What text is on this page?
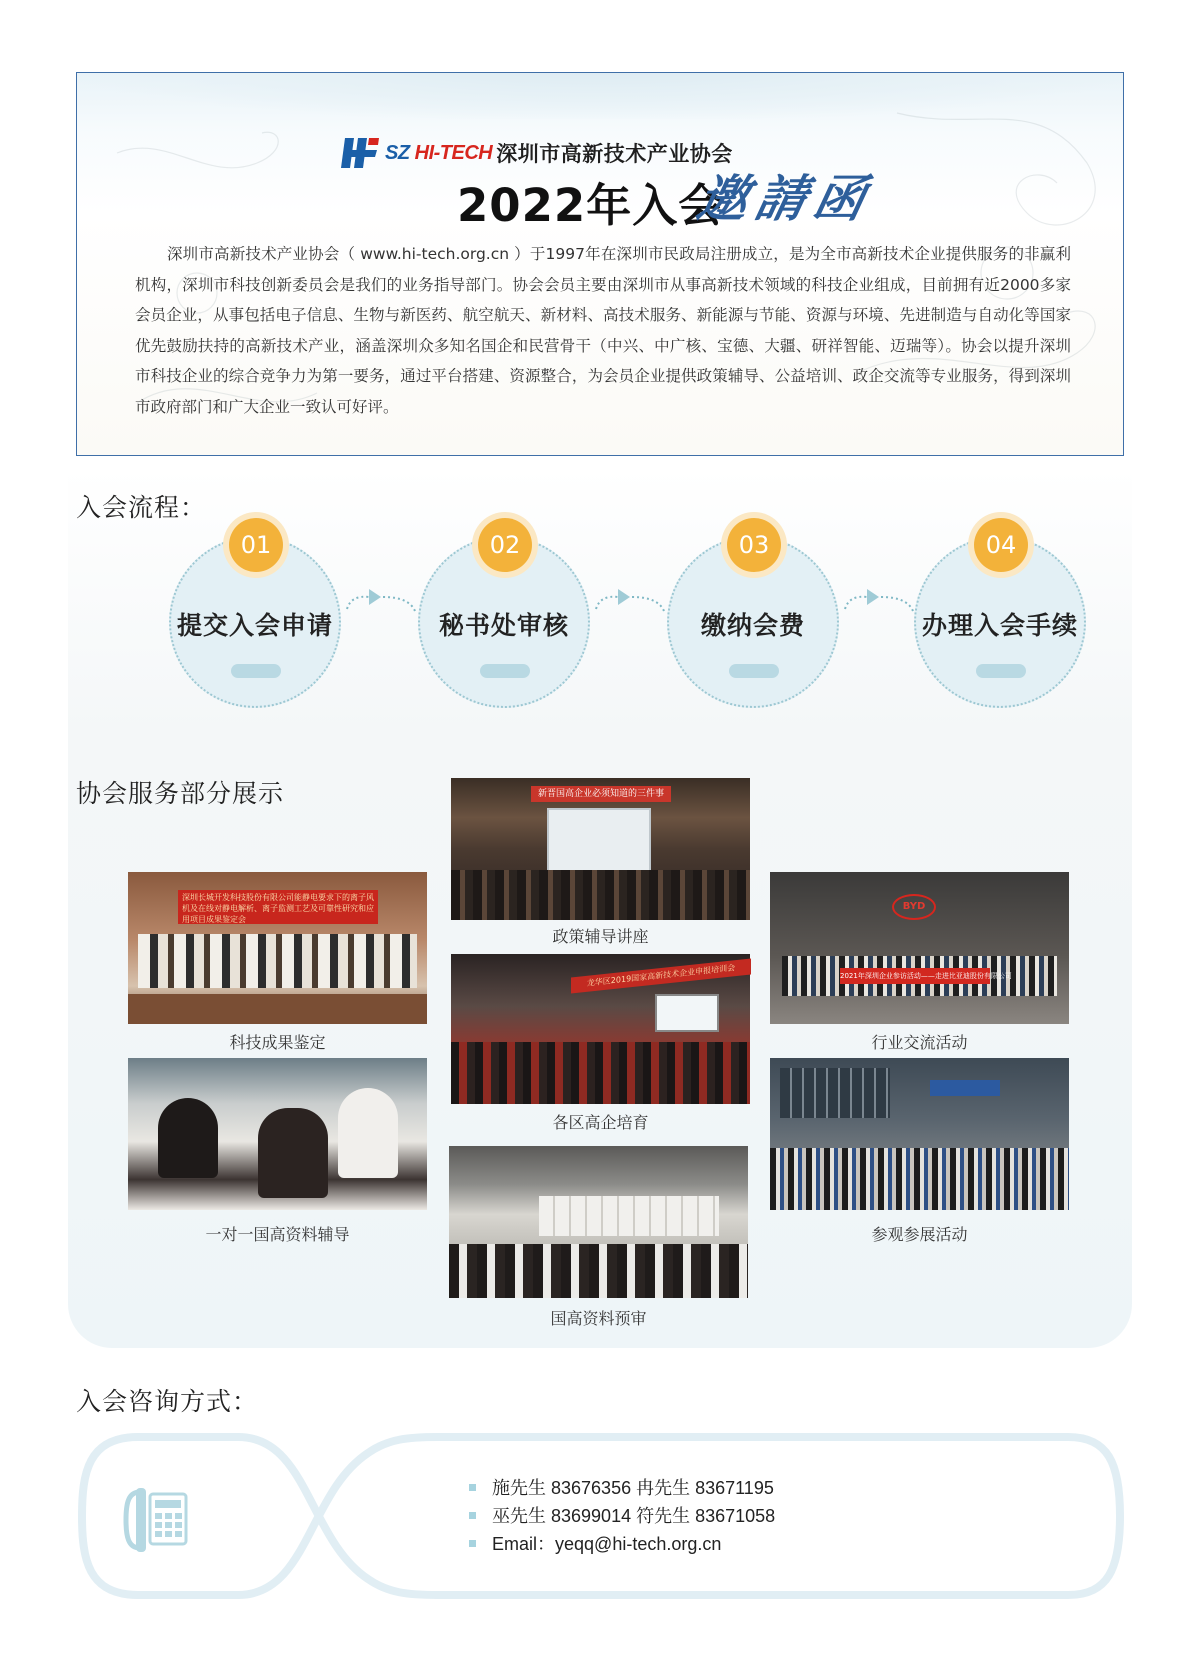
SZ HI-TECH 深圳市高新技术产业协会
2022年入会
邀請函

深圳市高新技术产业协会（ www.hi-tech.org.cn ）于1997年在深圳市民政局注册成立，是为全市高新技术企业提供服务的非赢利机构，深圳市科技创新委员会是我们的业务指导部门。协会会员主要由深圳市从事高新技术领域的科技企业组成，目前拥有近2000多家会员企业，从事包括电子信息、生物与新医药、航空航天、新材料、高技术服务、新能源与节能、资源与环境、先进制造与自动化等国家优先鼓励扶持的高新技术产业，涵盖深圳众多知名国企和民营骨干（中兴、中广核、宝德、大疆、研祥智能、迈瑞等）。协会以提升深圳市科技企业的综合竞争力为第一要务，通过平台搭建、资源整合，为会员企业提供政策辅导、公益培训、政企交流等专业服务，得到深圳市政府部门和广大企业一致认可好评。

入会流程：
01
提交入会申请
02
秘书处审核
03
缴纳会费
04
办理入会手续
协会服务部分展示	新晋国高企业必须知道的三件事
政策辅导讲座
深圳长城开发科技股份有限公司能静电要求下的离子风机及在线对静电解析、离子监测工艺及可靠性研究和应用项目成果鉴定会
科技成果鉴定
BYD
2021年深圳企业参访活动——走进比亚迪股份有限公司
行业交流活动
龙华区2019国家高新技术企业申报培训会
各区高企培育
一对一国高资料辅导	参观参展活动
国高资料预审
入会咨询方式：
施先生 83676356 冉先生 83671195
巫先生 83699014 符先生 83671058
Email：yeqq@hi-tech.org.cn
